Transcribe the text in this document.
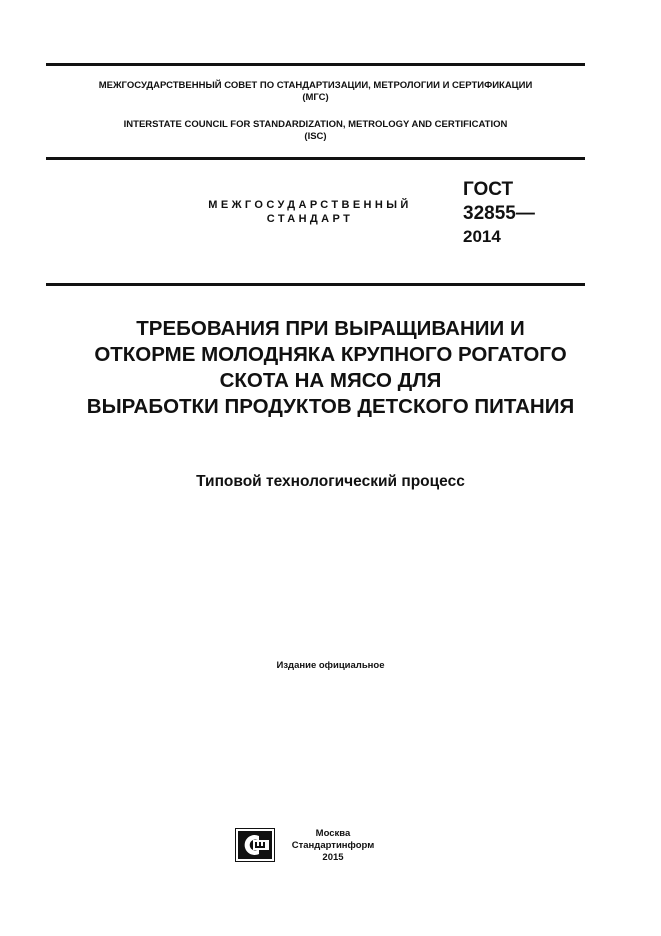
МЕЖГОСУДАРСТВЕННЫЙ СОВЕТ ПО СТАНДАРТИЗАЦИИ, МЕТРОЛОГИИ И СЕРТИФИКАЦИИ
(МГС)
INTERSTATE COUNCIL FOR STANDARDIZATION, METROLOGY AND CERTIFICATION
(ISC)
МЕЖГОСУДАРСТВЕННЫЙ
СТАНДАРТ
ГОСТ
32855—
2014
ТРЕБОВАНИЯ ПРИ ВЫРАЩИВАНИИ И
ОТКОРМЕ МОЛОДНЯКА КРУПНОГО РОГАТОГО
СКОТА НА МЯСО ДЛЯ
ВЫРАБОТКИ ПРОДУКТОВ ДЕТСКОГО ПИТАНИЯ
Типовой технологический процесс
Издание официальное
Москва
Стандартинформ
2015
